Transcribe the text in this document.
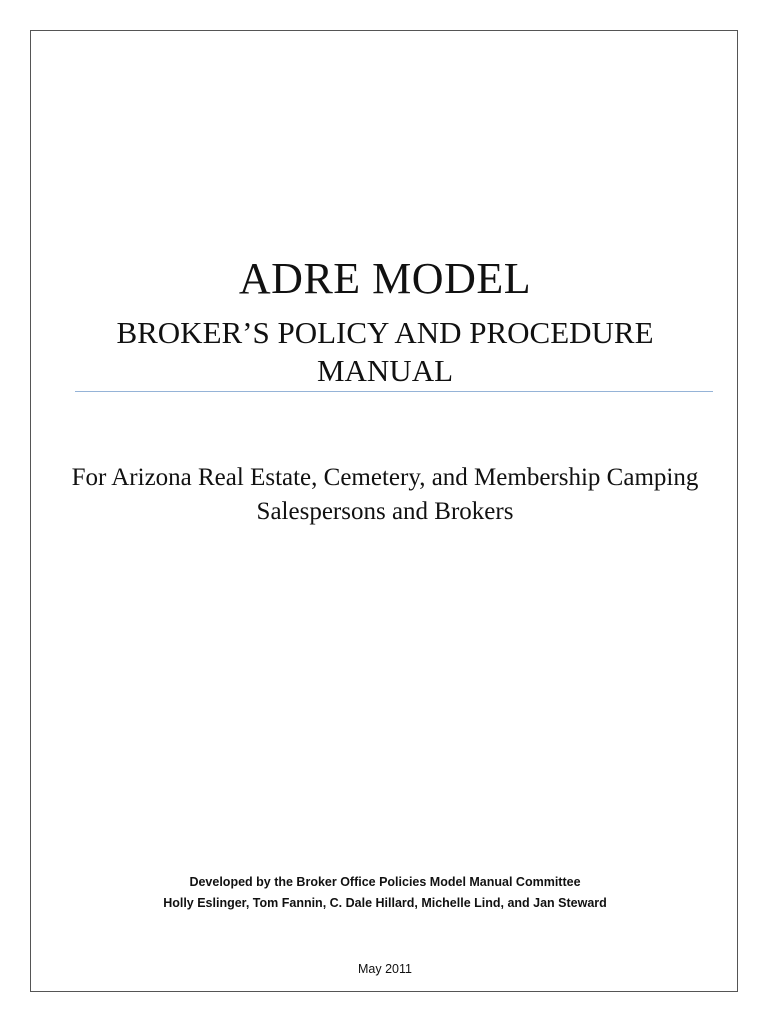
ADRE MODEL
BROKER’S POLICY AND PROCEDURE MANUAL
For Arizona Real Estate, Cemetery, and Membership Camping Salespersons and Brokers
Developed by the Broker Office Policies Model Manual Committee
Holly Eslinger, Tom Fannin, C. Dale Hillard, Michelle Lind, and Jan Steward
May 2011
